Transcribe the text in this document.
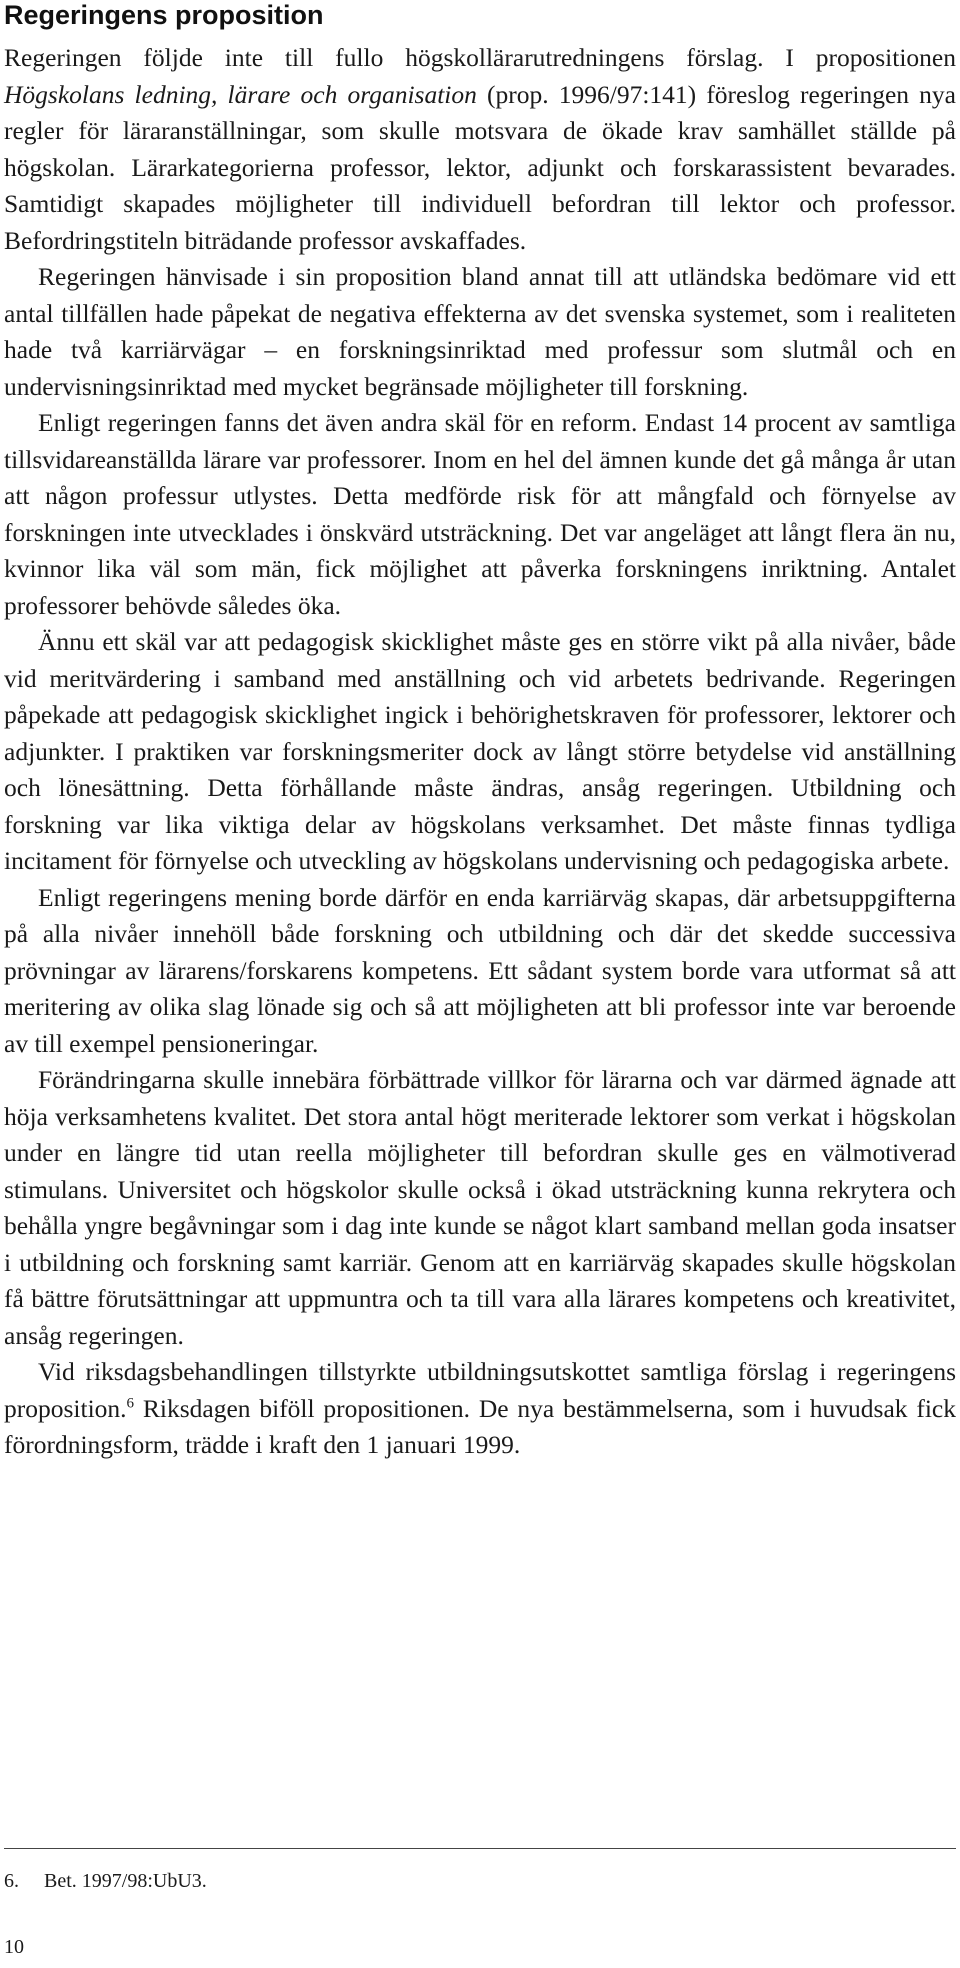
Regeringens proposition

Regeringen följde inte till fullo högskollärarutredningens förslag. I propositionen Högskolans ledning, lärare och organisation (prop. 1996/97:141) föreslog regeringen nya regler för läraranställningar, som skulle motsvara de ökade krav samhället ställde på högskolan. Lärarkategorierna professor, lektor, adjunkt och forskarassistent bevarades. Samtidigt skapades möjligheter till individuell befordran till lektor och professor. Befordringstiteln biträdande professor avskaffades.

Regeringen hänvisade i sin proposition bland annat till att utländska bedömare vid ett antal tillfällen hade påpekat de negativa effekterna av det svenska systemet, som i realiteten hade två karriärvägar – en forskningsinriktad med professur som slutmål och en undervisningsinriktad med mycket begränsade möjligheter till forskning.

Enligt regeringen fanns det även andra skäl för en reform. Endast 14 procent av samtliga tillsvidareanställda lärare var professorer. Inom en hel del ämnen kunde det gå många år utan att någon professur utlystes. Detta medförde risk för att mångfald och förnyelse av forskningen inte utvecklades i önskvärd utsträckning. Det var angeläget att långt flera än nu, kvinnor lika väl som män, fick möjlighet att påverka forskningens inriktning. Antalet professorer behövde således öka.

Ännu ett skäl var att pedagogisk skicklighet måste ges en större vikt på alla nivåer, både vid meritvärdering i samband med anställning och vid arbetets bedrivande. Regeringen påpekade att pedagogisk skicklighet ingick i behörighetskraven för professorer, lektorer och adjunkter. I praktiken var forskningsmeriter dock av långt större betydelse vid anställning och lönesättning. Detta förhållande måste ändras, ansåg regeringen. Utbildning och forskning var lika viktiga delar av högskolans verksamhet. Det måste finnas tydliga incitament för förnyelse och utveckling av högskolans undervisning och pedagogiska arbete.

Enligt regeringens mening borde därför en enda karriärväg skapas, där arbetsuppgifterna på alla nivåer innehöll både forskning och utbildning och där det skedde successiva prövningar av lärarens/forskarens kompetens. Ett sådant system borde vara utformat så att meritering av olika slag lönade sig och så att möjligheten att bli professor inte var beroende av till exempel pensioneringar.

Förändringarna skulle innebära förbättrade villkor för lärarna och var därmed ägnade att höja verksamhetens kvalitet. Det stora antal högt meriterade lektorer som verkat i högskolan under en längre tid utan reella möjligheter till befordran skulle ges en välmotiverad stimulans. Universitet och högskolor skulle också i ökad utsträckning kunna rekrytera och behålla yngre begåvningar som i dag inte kunde se något klart samband mellan goda insatser i utbildning och forskning samt karriär. Genom att en karriärväg skapades skulle högskolan få bättre förutsättningar att uppmuntra och ta till vara alla lärares kompetens och kreativitet, ansåg regeringen.

Vid riksdagsbehandlingen tillstyrkte utbildningsutskottet samtliga förslag i regeringens proposition.$^6$ Riksdagen biföll propositionen. De nya bestämmelserna, som i huvudsak fick förordningsform, trädde i kraft den 1 januari 1999.

6. Bet. 1997/98:UbU3.
10
